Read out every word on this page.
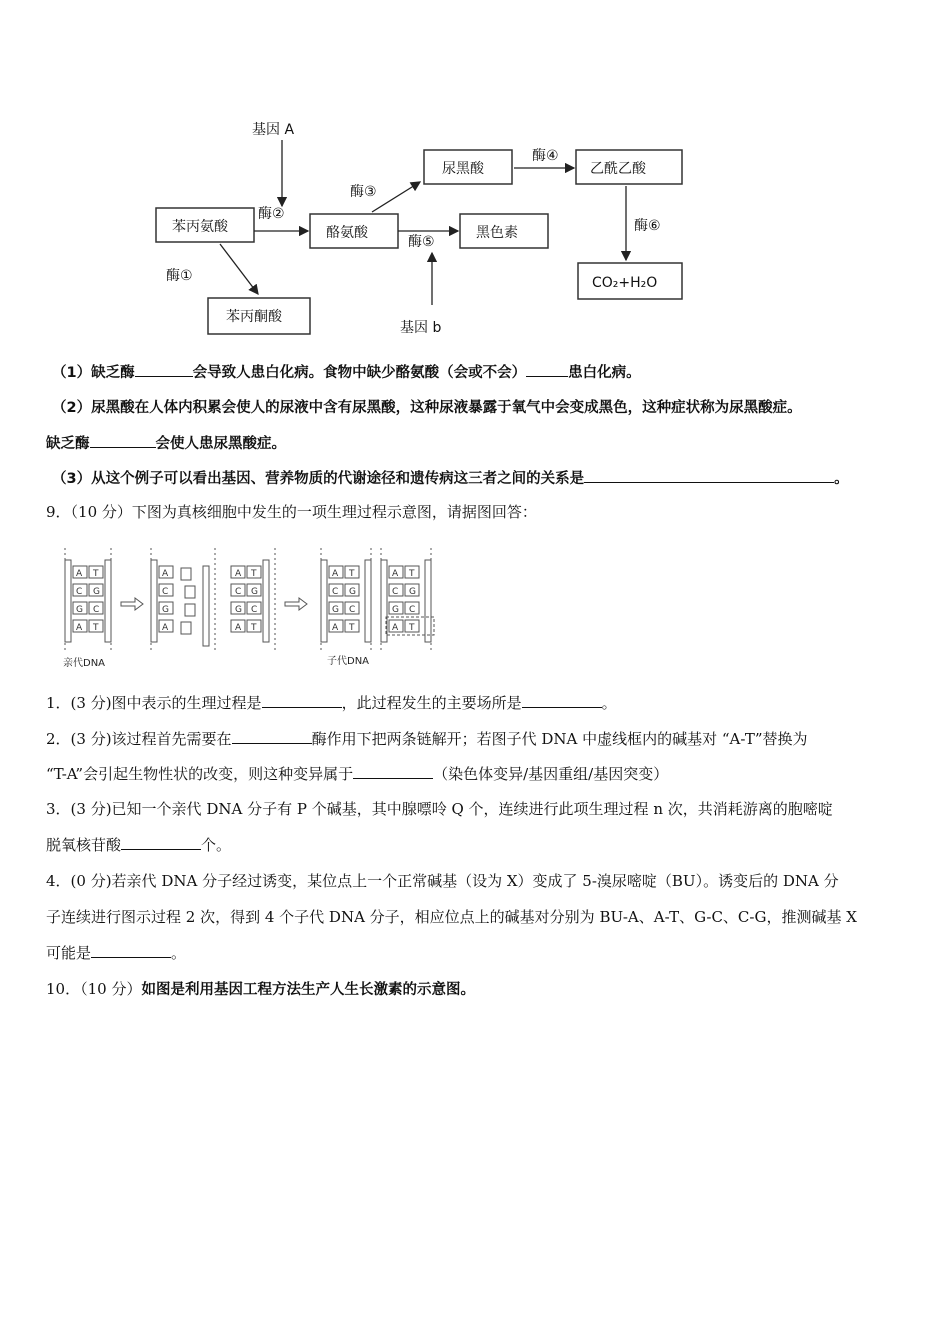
基因 A
酶②
酶①
酶③
酶④
酶⑤
酶⑥
基因 b
苯丙氨酸
苯丙酮酸
酪氨酸
尿黑酸
黑色素
乙酰乙酸
CO₂+H₂O
（1）缺乏酶	会导致人患白化病。食物中缺少酪氨酸（会或不会）	患白化病。
（2）尿黑酸在人体内积累会使人的尿液中含有尿黑酸，这种尿液暴露于氧气中会变成黑色，这种症状称为尿黑酸症。
缺乏酶	会使人患尿黑酸症。
（3）从这个例子可以看出基因、营养物质的代谢途径和遗传病这三者之间的关系是	。
9．（10 分）下图为真核细胞中发生的一项生理过程示意图，请据图回答：
A T
C G
G C
A T
A
C
G
A
A T
C G
G C
A T
A T
C G
G C
A T
A T
C G
G C
A T
亲代DNA	子代DNA
1．(3 分)图中表示的生理过程是	，此过程发生的主要场所是	。
2．(3 分)该过程首先需要在	酶作用下把两条链解开；若图子代 DNA 中虚线框内的碱基对 “A-T”替换为
“T-A”会引起生物性状的改变，则这种变异属于	（染色体变异/基因重组/基因突变）
3．(3 分)已知一个亲代 DNA 分子有 P 个碱基，其中腺嘌呤 Q 个，连续进行此项生理过程 n 次，共消耗游离的胞嘧啶
脱氧核苷酸	个。
4．(0 分)若亲代 DNA 分子经过诱变，某位点上一个正常碱基（设为 X）变成了 5-溴尿嘧啶（BU）。诱变后的 DNA 分
子连续进行图示过程 2 次，得到 4 个子代 DNA 分子，相应位点上的碱基对分别为 BU-A、A-T、G-C、C-G，推测碱基 X
可能是	。
10．（10 分）如图是利用基因工程方法生产人生长激素的示意图。
